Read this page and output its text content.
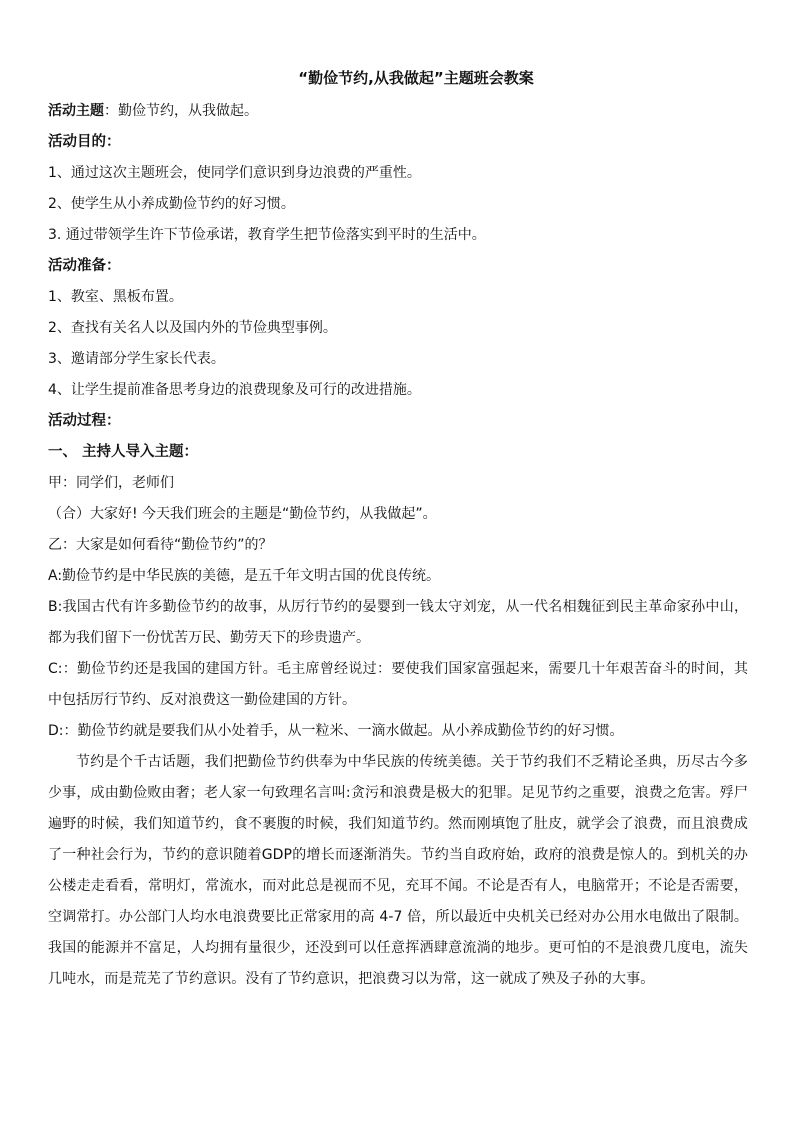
“勤俭节约,从我做起”主题班会教案
活动主题：勤俭节约，从我做起。
活动目的：
1、通过这次主题班会，使同学们意识到身边浪费的严重性。
2、使学生从小养成勤俭节约的好习惯。
3. 通过带领学生许下节俭承诺，教育学生把节俭落实到平时的生活中。
活动准备：
1、教室、黑板布置。
2、查找有关名人以及国内外的节俭典型事例。
3、邀请部分学生家长代表。
4、让学生提前准备思考身边的浪费现象及可行的改进措施。
活动过程：
一、 主持人导入主题：
甲：同学们，老师们
（合）大家好! 今天我们班会的主题是“勤俭节约，从我做起”。
乙：大家是如何看待“勤俭节约”的？
A:勤俭节约是中华民族的美德，是五千年文明古国的优良传统。

B:我国古代有许多勤俭节约的故事，从厉行节约的晏婴到一钱太守刘宠，从一代名相魏征到民主革命家孙中山，都为我们留下一份忧苦万民、勤劳天下的珍贵遗产。

C:：勤俭节约还是我国的建国方针。毛主席曾经说过：要使我们国家富强起来，需要几十年艰苦奋斗的时间，其中包括厉行节约、反对浪费这一勤俭建国的方针。

D:：勤俭节约就是要我们从小处着手，从一粒米、一滴水做起。从小养成勤俭节约的好习惯。

节约是个千古话题，我们把勤俭节约供奉为中华民族的传统美德。关于节约我们不乏精论圣典，历尽古今多少事，成由勤俭败由奢；老人家一句致理名言叫:贪污和浪费是极大的犯罪。足见节约之重要，浪费之危害。殍尸遍野的时候，我们知道节约，食不裹腹的时候，我们知道节约。然而刚填饱了肚皮，就学会了浪费，而且浪费成了一种社会行为，节约的意识随着GDP的增长而逐渐消失。节约当自政府始，政府的浪费是惊人的。到机关的办公楼走走看看，常明灯，常流水，而对此总是视而不见，充耳不闻。不论是否有人，电脑常开；不论是否需要，空调常打。办公部门人均水电浪费要比正常家用的高 4-7 倍，所以最近中央机关已经对办公用水电做出了限制。我国的能源并不富足，人均拥有量很少，还没到可以任意挥洒肆意流淌的地步。更可怕的不是浪费几度电，流失几吨水，而是荒芜了节约意识。没有了节约意识，把浪费习以为常，这一就成了殃及子孙的大事。
